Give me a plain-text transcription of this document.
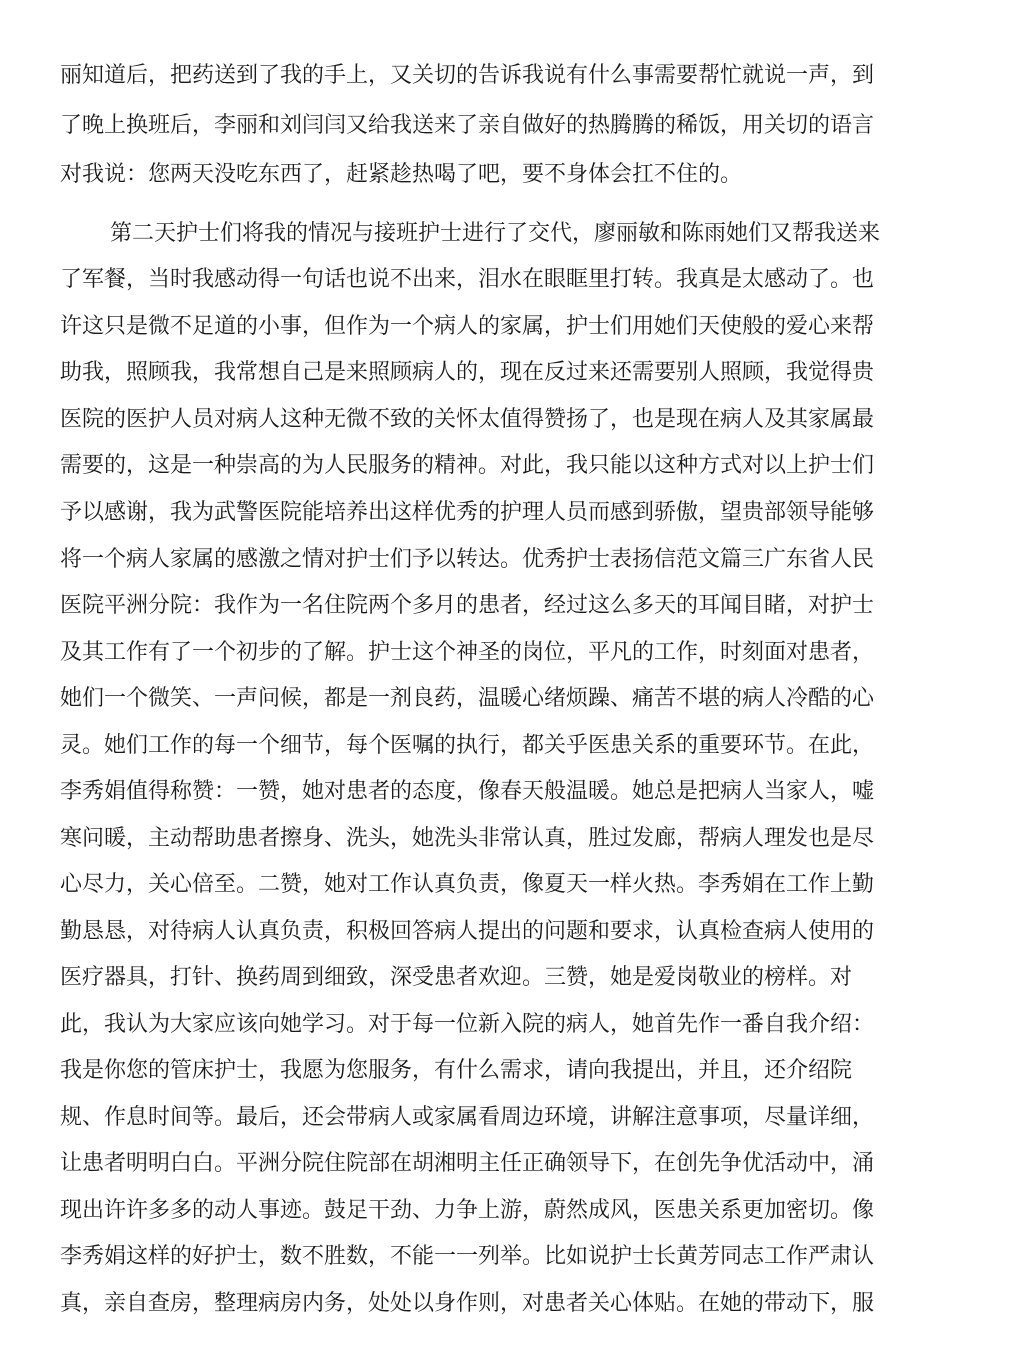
丽知道后，把药送到了我的手上，又关切的告诉我说有什么事需要帮忙就说一声，到
了晚上换班后，李丽和刘闫闫又给我送来了亲自做好的热腾腾的稀饭，用关切的语言
对我说：您两天没吃东西了，赶紧趁热喝了吧，要不身体会扛不住的。
第二天护士们将我的情况与接班护士进行了交代，廖丽敏和陈雨她们又帮我送来
了军餐，当时我感动得一句话也说不出来，泪水在眼眶里打转。我真是太感动了。也
许这只是微不足道的小事，但作为一个病人的家属，护士们用她们天使般的爱心来帮
助我，照顾我，我常想自己是来照顾病人的，现在反过来还需要别人照顾，我觉得贵
医院的医护人员对病人这种无微不致的关怀太值得赞扬了，也是现在病人及其家属最
需要的，这是一种崇高的为人民服务的精神。对此，我只能以这种方式对以上护士们
予以感谢，我为武警医院能培养出这样优秀的护理人员而感到骄傲，望贵部领导能够
将一个病人家属的感激之情对护士们予以转达。优秀护士表扬信范文篇三广东省人民
医院平洲分院：我作为一名住院两个多月的患者，经过这么多天的耳闻目睹，对护士
及其工作有了一个初步的了解。护士这个神圣的岗位，平凡的工作，时刻面对患者，
她们一个微笑、一声问候，都是一剂良药，温暖心绪烦躁、痛苦不堪的病人冷酷的心
灵。她们工作的每一个细节，每个医嘱的执行，都关乎医患关系的重要环节。在此，
李秀娟值得称赞：一赞，她对患者的态度，像春天般温暖。她总是把病人当家人，嘘
寒问暖，主动帮助患者擦身、洗头，她洗头非常认真，胜过发廊，帮病人理发也是尽
心尽力，关心倍至。二赞，她对工作认真负责，像夏天一样火热。李秀娟在工作上勤
勤恳恳，对待病人认真负责，积极回答病人提出的问题和要求，认真检查病人使用的
医疗器具，打针、换药周到细致，深受患者欢迎。三赞，她是爱岗敬业的榜样。对
此，我认为大家应该向她学习。对于每一位新入院的病人，她首先作一番自我介绍：
我是你您的管床护士，我愿为您服务，有什么需求，请向我提出，并且，还介绍院
规、作息时间等。最后，还会带病人或家属看周边环境，讲解注意事项，尽量详细，
让患者明明白白。平洲分院住院部在胡湘明主任正确领导下，在创先争优活动中，涌
现出许许多多的动人事迹。鼓足干劲、力争上游，蔚然成风，医患关系更加密切。像
李秀娟这样的好护士，数不胜数，不能一一列举。比如说护士长黄芳同志工作严肃认
真，亲自查房，整理病房内务，处处以身作则，对患者关心体贴。在她的带动下，服
